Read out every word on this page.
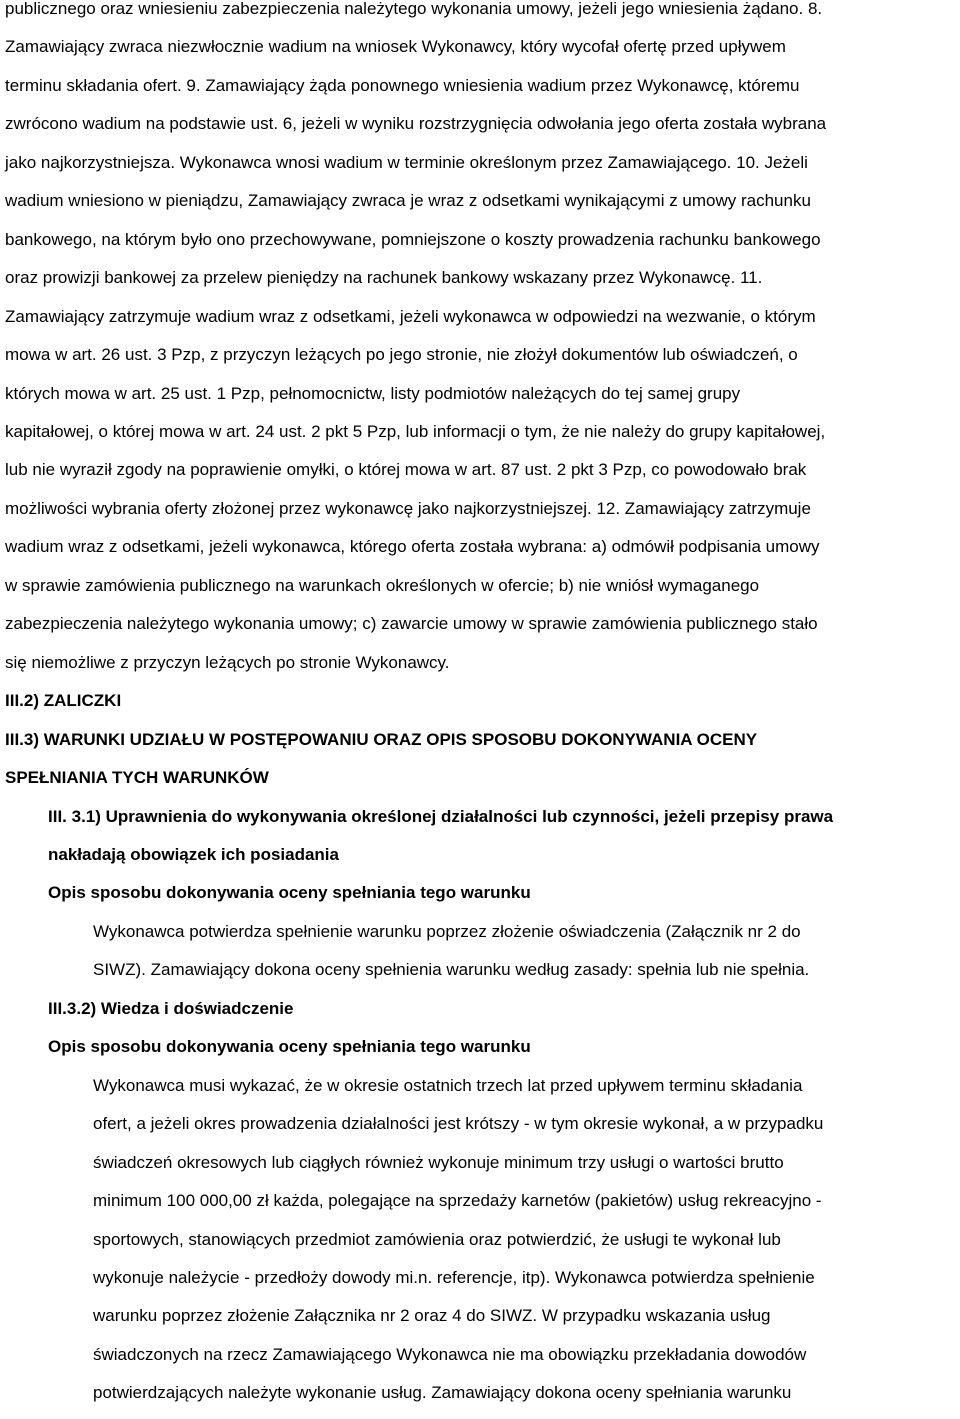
publicznego oraz wniesieniu zabezpieczenia należytego wykonania umowy, jeżeli jego wniesienia żądano. 8.
Zamawiający zwraca niezwłocznie wadium na wniosek Wykonawcy, który wycofał ofertę przed upływem
terminu składania ofert. 9. Zamawiający żąda ponownego wniesienia wadium przez Wykonawcę, któremu
zwrócono wadium na podstawie ust. 6, jeżeli w wyniku rozstrzygnięcia odwołania jego oferta została wybrana
jako najkorzystniejsza. Wykonawca wnosi wadium w terminie określonym przez Zamawiającego. 10. Jeżeli
wadium wniesiono w pieniądzu, Zamawiający zwraca je wraz z odsetkami wynikającymi z umowy rachunku
bankowego, na którym było ono przechowywane, pomniejszone o koszty prowadzenia rachunku bankowego
oraz prowizji bankowej za przelew pieniędzy na rachunek bankowy wskazany przez Wykonawcę. 11.
Zamawiający zatrzymuje wadium wraz z odsetkami, jeżeli wykonawca w odpowiedzi na wezwanie, o którym
mowa w art. 26 ust. 3 Pzp, z przyczyn leżących po jego stronie, nie złożył dokumentów lub oświadczeń, o
których mowa w art. 25 ust. 1 Pzp, pełnomocnictw, listy podmiotów należących do tej samej grupy
kapitałowej, o której mowa w art. 24 ust. 2 pkt 5 Pzp, lub informacji o tym, że nie należy do grupy kapitałowej,
lub nie wyraził zgody na poprawienie omyłki, o której mowa w art. 87 ust. 2 pkt 3 Pzp, co powodowało brak
możliwości wybrania oferty złożonej przez wykonawcę jako najkorzystniejszej. 12. Zamawiający zatrzymuje
wadium wraz z odsetkami, jeżeli wykonawca, którego oferta została wybrana: a) odmówił podpisania umowy
w sprawie zamówienia publicznego na warunkach określonych w ofercie; b) nie wniósł wymaganego
zabezpieczenia należytego wykonania umowy; c) zawarcie umowy w sprawie zamówienia publicznego stało
się niemożliwe z przyczyn leżących po stronie Wykonawcy.

III.2) ZALICZKI

III.3) WARUNKI UDZIAŁU W POSTĘPOWANIU ORAZ OPIS SPOSOBU DOKONYWANIA OCENY
SPEŁNIANIA TYCH WARUNKÓW

III. 3.1) Uprawnienia do wykonywania określonej działalności lub czynności, jeżeli przepisy prawa
nakładają obowiązek ich posiadania

Opis sposobu dokonywania oceny spełniania tego warunku

Wykonawca potwierdza spełnienie warunku poprzez złożenie oświadczenia (Załącznik nr 2 do
SIWZ). Zamawiający dokona oceny spełnienia warunku według zasady: spełnia lub nie spełnia.

III.3.2) Wiedza i doświadczenie

Opis sposobu dokonywania oceny spełniania tego warunku

Wykonawca musi wykazać, że w okresie ostatnich trzech lat przed upływem terminu składania
ofert, a jeżeli okres prowadzenia działalności jest krótszy - w tym okresie wykonał, a w przypadku
świadczeń okresowych lub ciągłych również wykonuje minimum trzy usługi o wartości brutto
minimum 100 000,00 zł każda, polegające na sprzedaży karnetów (pakietów) usług rekreacyjno -
sportowych, stanowiących przedmiot zamówienia oraz potwierdzić, że usługi te wykonał lub
wykonuje należycie - przedłoży dowody mi.n. referencje, itp). Wykonawca potwierdza spełnienie
warunku poprzez złożenie Załącznika nr 2 oraz 4 do SIWZ. W przypadku wskazania usług
świadczonych na rzecz Zamawiającego Wykonawca nie ma obowiązku przekładania dowodów
potwierdzających należyte wykonanie usług. Zamawiający dokona oceny spełniania warunku
